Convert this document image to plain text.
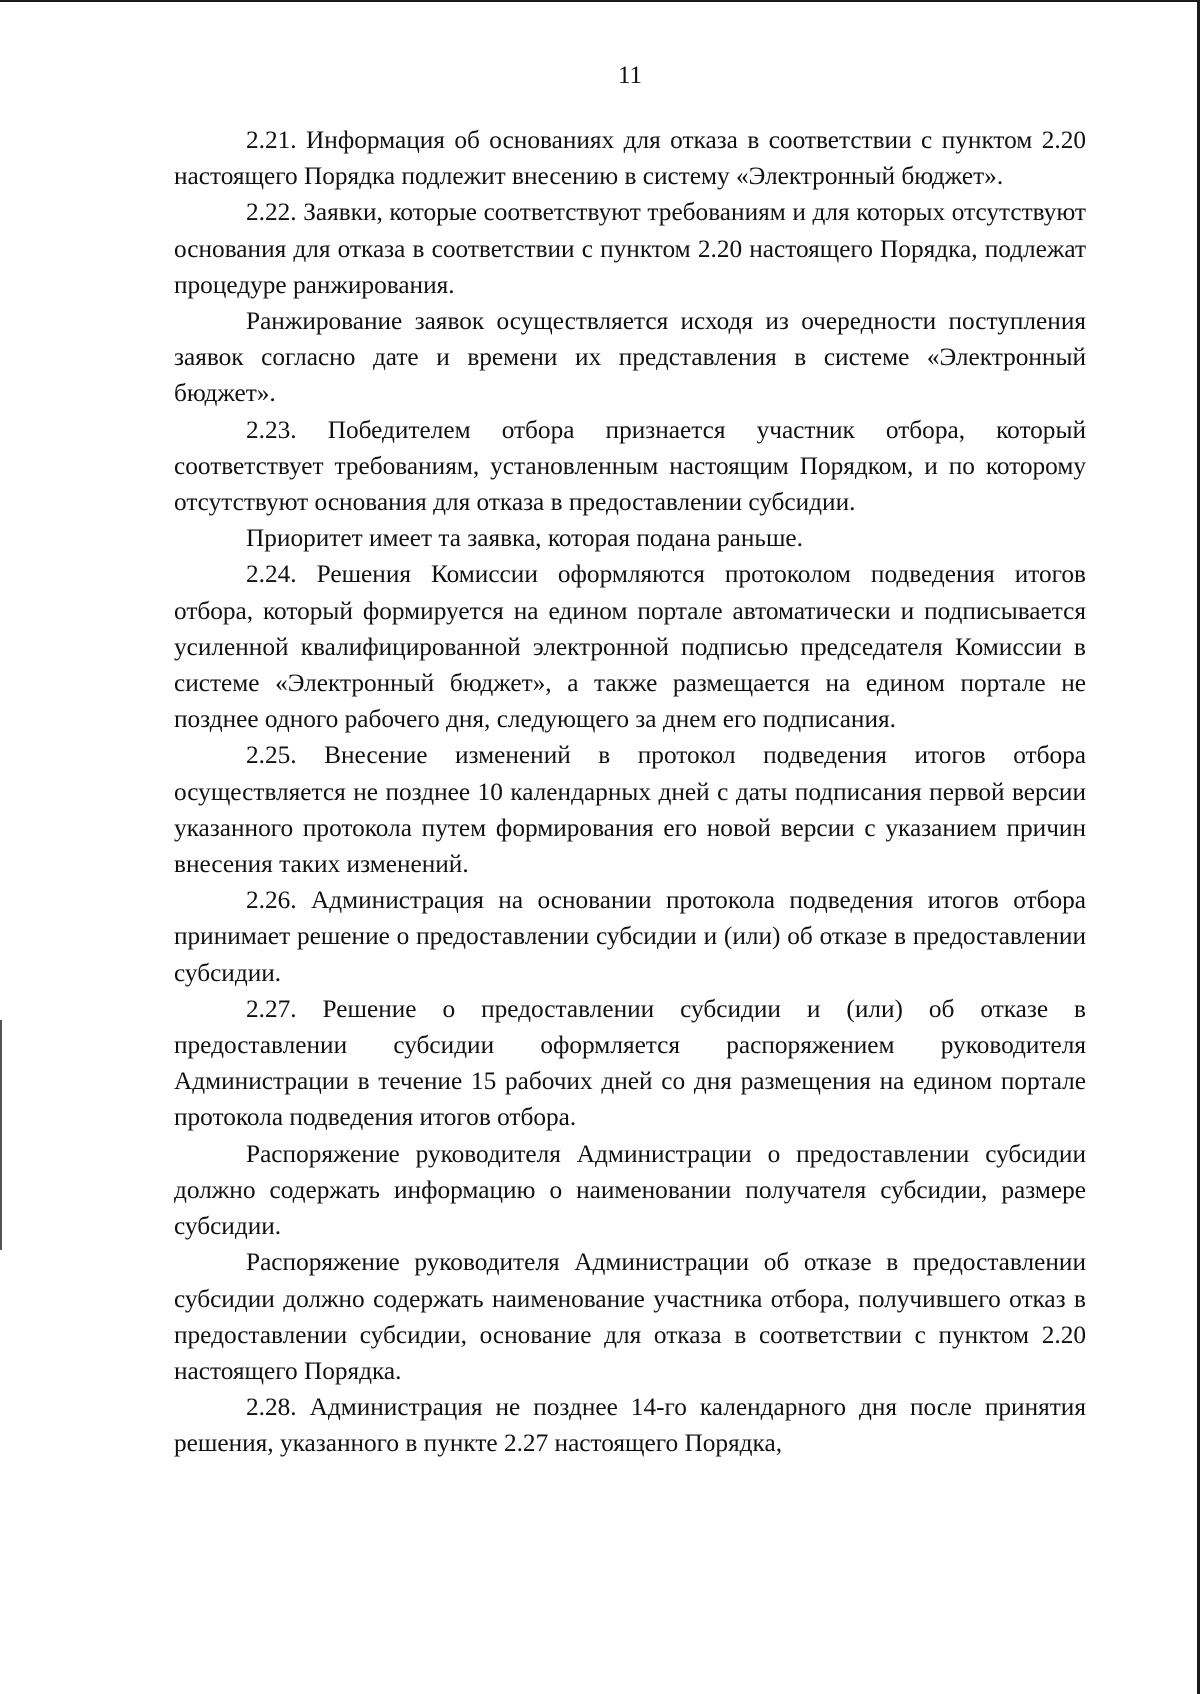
11

2.21. Информация об основаниях для отказа в соответствии с пунктом 2.20 настоящего Порядка подлежит внесению в систему «Электронный бюджет».

2.22. Заявки, которые соответствуют требованиям и для которых отсутствуют основания для отказа в соответствии с пунктом 2.20 настоящего Порядка, подлежат процедуре ранжирования.

Ранжирование заявок осуществляется исходя из очередности поступления заявок согласно дате и времени их представления в системе «Электронный бюджет».

2.23. Победителем отбора признается участник отбора, который соответствует требованиям, установленным настоящим Порядком, и по которому отсутствуют основания для отказа в предоставлении субсидии.

Приоритет имеет та заявка, которая подана раньше.

2.24. Решения Комиссии оформляются протоколом подведения итогов отбора, который формируется на едином портале автоматически и подписывается усиленной квалифицированной электронной подписью председателя Комиссии в системе «Электронный бюджет», а также размещается на едином портале не позднее одного рабочего дня, следующего за днем его подписания.

2.25. Внесение изменений в протокол подведения итогов отбора осуществляется не позднее 10 календарных дней с даты подписания первой версии указанного протокола путем формирования его новой версии с указанием причин внесения таких изменений.

2.26. Администрация на основании протокола подведения итогов отбора принимает решение о предоставлении субсидии и (или) об отказе в предоставлении субсидии.

2.27. Решение о предоставлении субсидии и (или) об отказе в предоставлении субсидии оформляется распоряжением руководителя Администрации в течение 15 рабочих дней со дня размещения на едином портале протокола подведения итогов отбора.

Распоряжение руководителя Администрации о предоставлении субсидии должно содержать информацию о наименовании получателя субсидии, размере субсидии.

Распоряжение руководителя Администрации об отказе в предоставлении субсидии должно содержать наименование участника отбора, получившего отказ в предоставлении субсидии, основание для отказа в соответствии с пунктом 2.20 настоящего Порядка.

2.28. Администрация не позднее 14-го календарного дня после принятия решения, указанного в пункте 2.27 настоящего Порядка,
